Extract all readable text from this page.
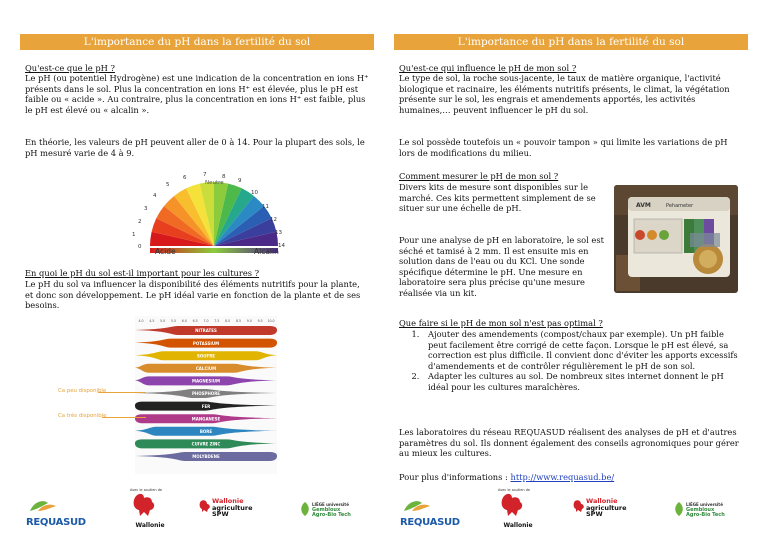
L'importance du pH dans la fertilité du sol
Qu'est-ce que le pH ?
Le pH (ou potentiel Hydrogène) est une indication de la concentration en ions H⁺ présents dans le sol. Plus la concentration en ions H⁺ est élevée, plus le pH est faible ou « acide ». Au contraire, plus la concentration en ions H⁺ est faible, plus le pH est élevé ou « alcalin ».
En théorie, les valeurs de pH peuvent aller de 0 à 14. Pour la plupart des sols, le pH mesuré varie de 4 à 9.
Acide	Alcalin
Neutre
1
2
3
4
5
6	7	8
9
10
11
12
13
14
0
En quoi le pH du sol est-il important pour les cultures ?
Le pH du sol va influencer la disponibilité des éléments nutritifs pour la plante, et donc son développement. Le pH idéal varie en fonction de la plante et de ses besoins.
4.0 4.5 5.0 5.5 6.0 6.5 7.0 7.5 8.0 8.5 9.0 9.5 10.0
NITRATES
POTASSIUM
SOUFRE
CALCIUM
MAGNESIUM
PHOSPHORE
FER
MANGANESE
BORE
CUIVRE ZINC
MOLYBDENE
Ca peu disponible
Ca très disponible
REQUASUD
Avec le soutien de
Wallonie
Wallonie
agriculture
SPW
LIÈGE université
Gembloux
Agro-Bio Tech
L'importance du pH dans la fertilité du sol
Qu'est-ce qui influence le pH de mon sol ?
Le type de sol, la roche sous-jacente, le taux de matière organique, l'activité biologique et racinaire, les éléments nutritifs présents, le climat, la végétation présente sur le sol, les engrais et amendements apportés, les activités humaines,… peuvent influencer le pH du sol.
Le sol possède toutefois un « pouvoir tampon » qui limite les variations de pH lors de modifications du milieu.
Comment mesurer le pH de mon sol ?
Divers kits de mesure sont disponibles sur le marché. Ces kits permettent simplement de se situer sur une échelle de pH.
Pour une analyse de pH en laboratoire, le sol est séché et tamisé à 2 mm. Il est ensuite mis en solution dans de l'eau ou du KCl. Une sonde spécifique détermine le pH. Une mesure en laboratoire sera plus précise qu'une mesure réalisée via un kit.
AVM	Pehameter
Que faire si le pH de mon sol n'est pas optimal ?
1. Ajouter des amendements (compost/chaux par exemple). Un pH faible peut facilement être corrigé de cette façon. Lorsque le pH est élevé, sa correction est plus difficile. Il convient donc d'éviter les apports excessifs d'amendements et de contrôler régulièrement le pH de son sol.
2. Adapter les cultures au sol. De nombreux sites internet donnent le pH idéal pour les cultures maraîchères.
Les laboratoires du réseau REQUASUD réalisent des analyses de pH et d'autres paramètres du sol. Ils donnent également des conseils agronomiques pour gérer au mieux les cultures.
Pour plus d'informations : http://www.requasud.be/
REQUASUD
Avec le soutien de
Wallonie
Wallonie
agriculture
SPW
LIÈGE université
Gembloux
Agro-Bio Tech
